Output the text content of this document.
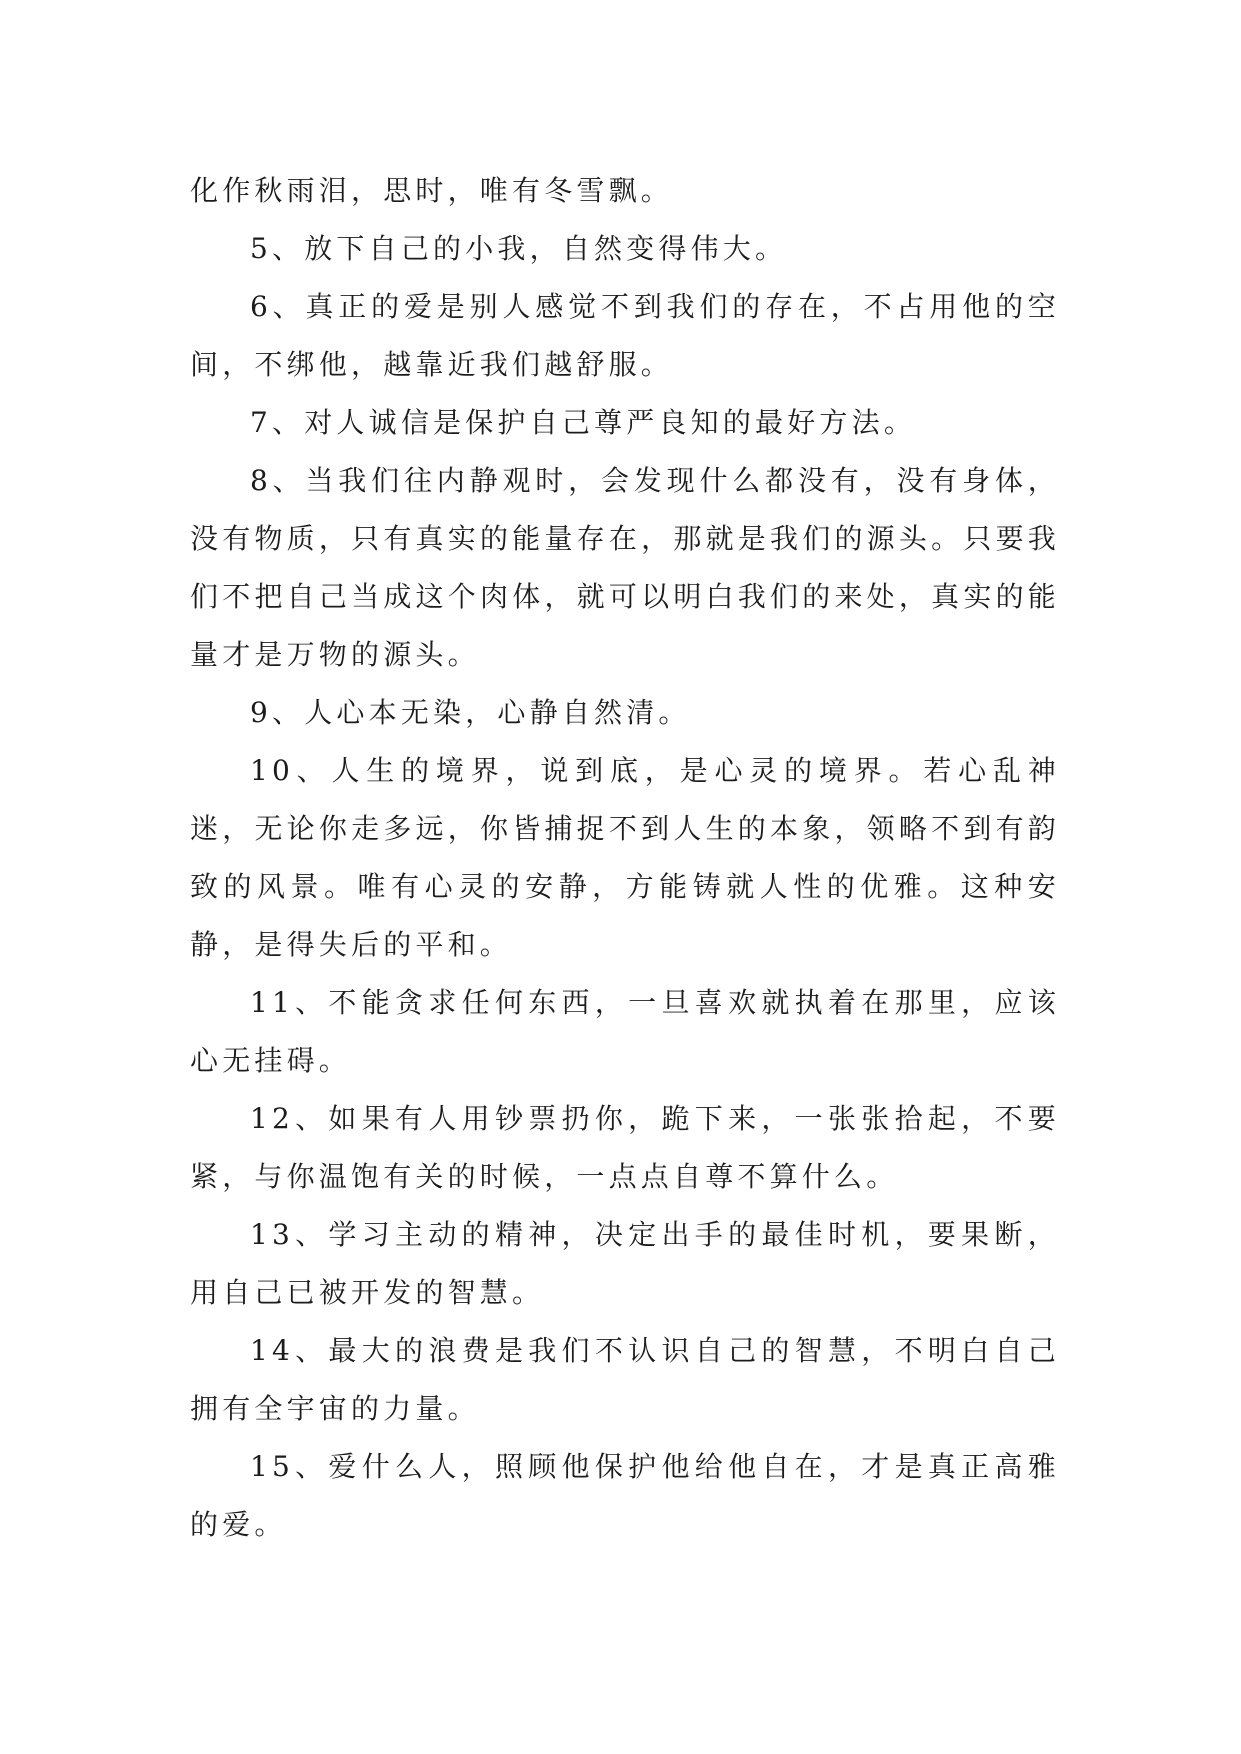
化作秋雨泪，思时，唯有冬雪飘。

5、放下自己的小我，自然变得伟大。

6、真正的爱是别人感觉不到我们的存在，不占用他的空间，不绑他，越靠近我们越舒服。

7、对人诚信是保护自己尊严良知的最好方法。

8、当我们往内静观时，会发现什么都没有，没有身体，没有物质，只有真实的能量存在，那就是我们的源头。只要我们不把自己当成这个肉体，就可以明白我们的来处，真实的能量才是万物的源头。

9、人心本无染，心静自然清。

10、人生的境界，说到底，是心灵的境界。若心乱神迷，无论你走多远，你皆捕捉不到人生的本象，领略不到有韵致的风景。唯有心灵的安静，方能铸就人性的优雅。这种安静，是得失后的平和。

11、不能贪求任何东西，一旦喜欢就执着在那里，应该心无挂碍。

12、如果有人用钞票扔你，跪下来，一张张拾起，不要紧，与你温饱有关的时候，一点点自尊不算什么。

13、学习主动的精神，决定出手的最佳时机，要果断，用自己已被开发的智慧。

14、最大的浪费是我们不认识自己的智慧，不明白自己拥有全宇宙的力量。

15、爱什么人，照顾他保护他给他自在，才是真正高雅的爱。
